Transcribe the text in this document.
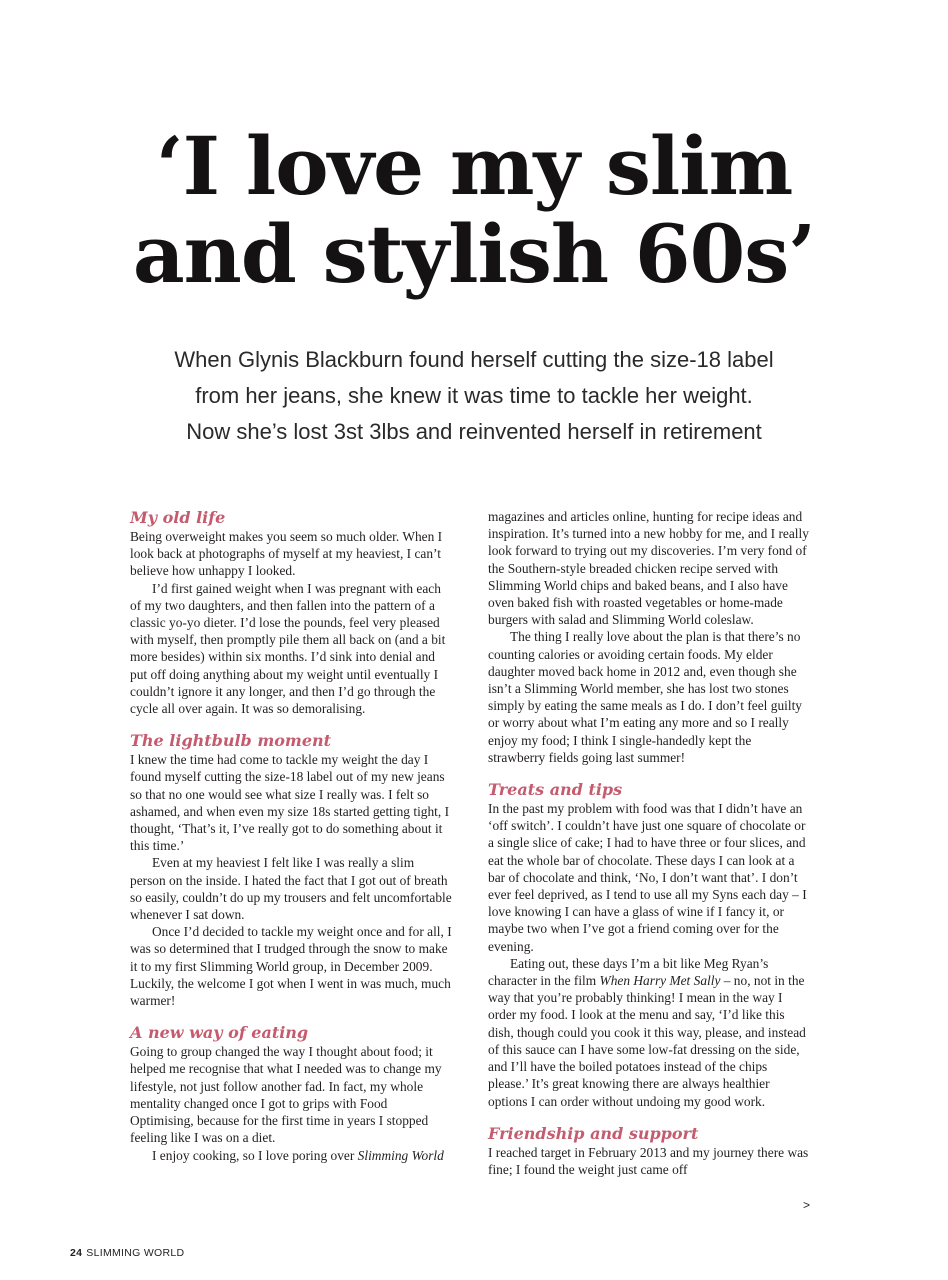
‘I love my slim
and stylish 60s’

When Glynis Blackburn found herself cutting the size-18 label
from her jeans, she knew it was time to tackle her weight.
Now she’s lost 3st 3lbs and reinvented herself in retirement

My old life

Being overweight makes you seem so much older. When I look back at photographs of myself at my heaviest, I can’t believe how unhappy I looked.

I’d first gained weight when I was pregnant with each of my two daughters, and then fallen into the pattern of a classic yo-yo dieter. I’d lose the pounds, feel very pleased with myself, then promptly pile them all back on (and a bit more besides) within six months. I’d sink into denial and put off doing anything about my weight until eventually I couldn’t ignore it any longer, and then I’d go through the cycle all over again. It was so demoralising.

The lightbulb moment

I knew the time had come to tackle my weight the day I found myself cutting the size-18 label out of my new jeans so that no one would see what size I really was. I felt so ashamed, and when even my size 18s started getting tight, I thought, ‘That’s it, I’ve really got to do something about it this time.’

Even at my heaviest I felt like I was really a slim person on the inside. I hated the fact that I got out of breath so easily, couldn’t do up my trousers and felt uncomfortable whenever I sat down.

Once I’d decided to tackle my weight once and for all, I was so determined that I trudged through the snow to make it to my first Slimming World group, in December 2009. Luckily, the welcome I got when I went in was much, much warmer!

A new way of eating

Going to group changed the way I thought about food; it helped me recognise that what I needed was to change my lifestyle, not just follow another fad. In fact, my whole mentality changed once I got to grips with Food Optimising, because for the first time in years I stopped feeling like I was on a diet.

I enjoy cooking, so I love poring over Slimming World

magazines and articles online, hunting for recipe ideas and inspiration. It’s turned into a new hobby for me, and I really look forward to trying out my discoveries. I’m very fond of the Southern-style breaded chicken recipe served with Slimming World chips and baked beans, and I also have oven baked fish with roasted vegetables or home-made burgers with salad and Slimming World coleslaw.

The thing I really love about the plan is that there’s no counting calories or avoiding certain foods. My elder daughter moved back home in 2012 and, even though she isn’t a Slimming World member, she has lost two stones simply by eating the same meals as I do. I don’t feel guilty or worry about what I’m eating any more and so I really enjoy my food; I think I single-handedly kept the strawberry fields going last summer!

Treats and tips

In the past my problem with food was that I didn’t have an ‘off switch’. I couldn’t have just one square of chocolate or a single slice of cake; I had to have three or four slices, and eat the whole bar of chocolate. These days I can look at a bar of chocolate and think, ‘No, I don’t want that’. I don’t ever feel deprived, as I tend to use all my Syns each day – I love knowing I can have a glass of wine if I fancy it, or maybe two when I’ve got a friend coming over for the evening.

Eating out, these days I’m a bit like Meg Ryan’s character in the film When Harry Met Sally – no, not in the way that you’re probably thinking! I mean in the way I order my food. I look at the menu and say, ‘I’d like this dish, though could you cook it this way, please, and instead of this sauce can I have some low-fat dressing on the side, and I’ll have the boiled potatoes instead of the chips please.’ It’s great knowing there are always healthier options I can order without undoing my good work.

Friendship and support

I reached target in February 2013 and my journey there was fine; I found the weight just came off

>
24 SLIMMING WORLD
